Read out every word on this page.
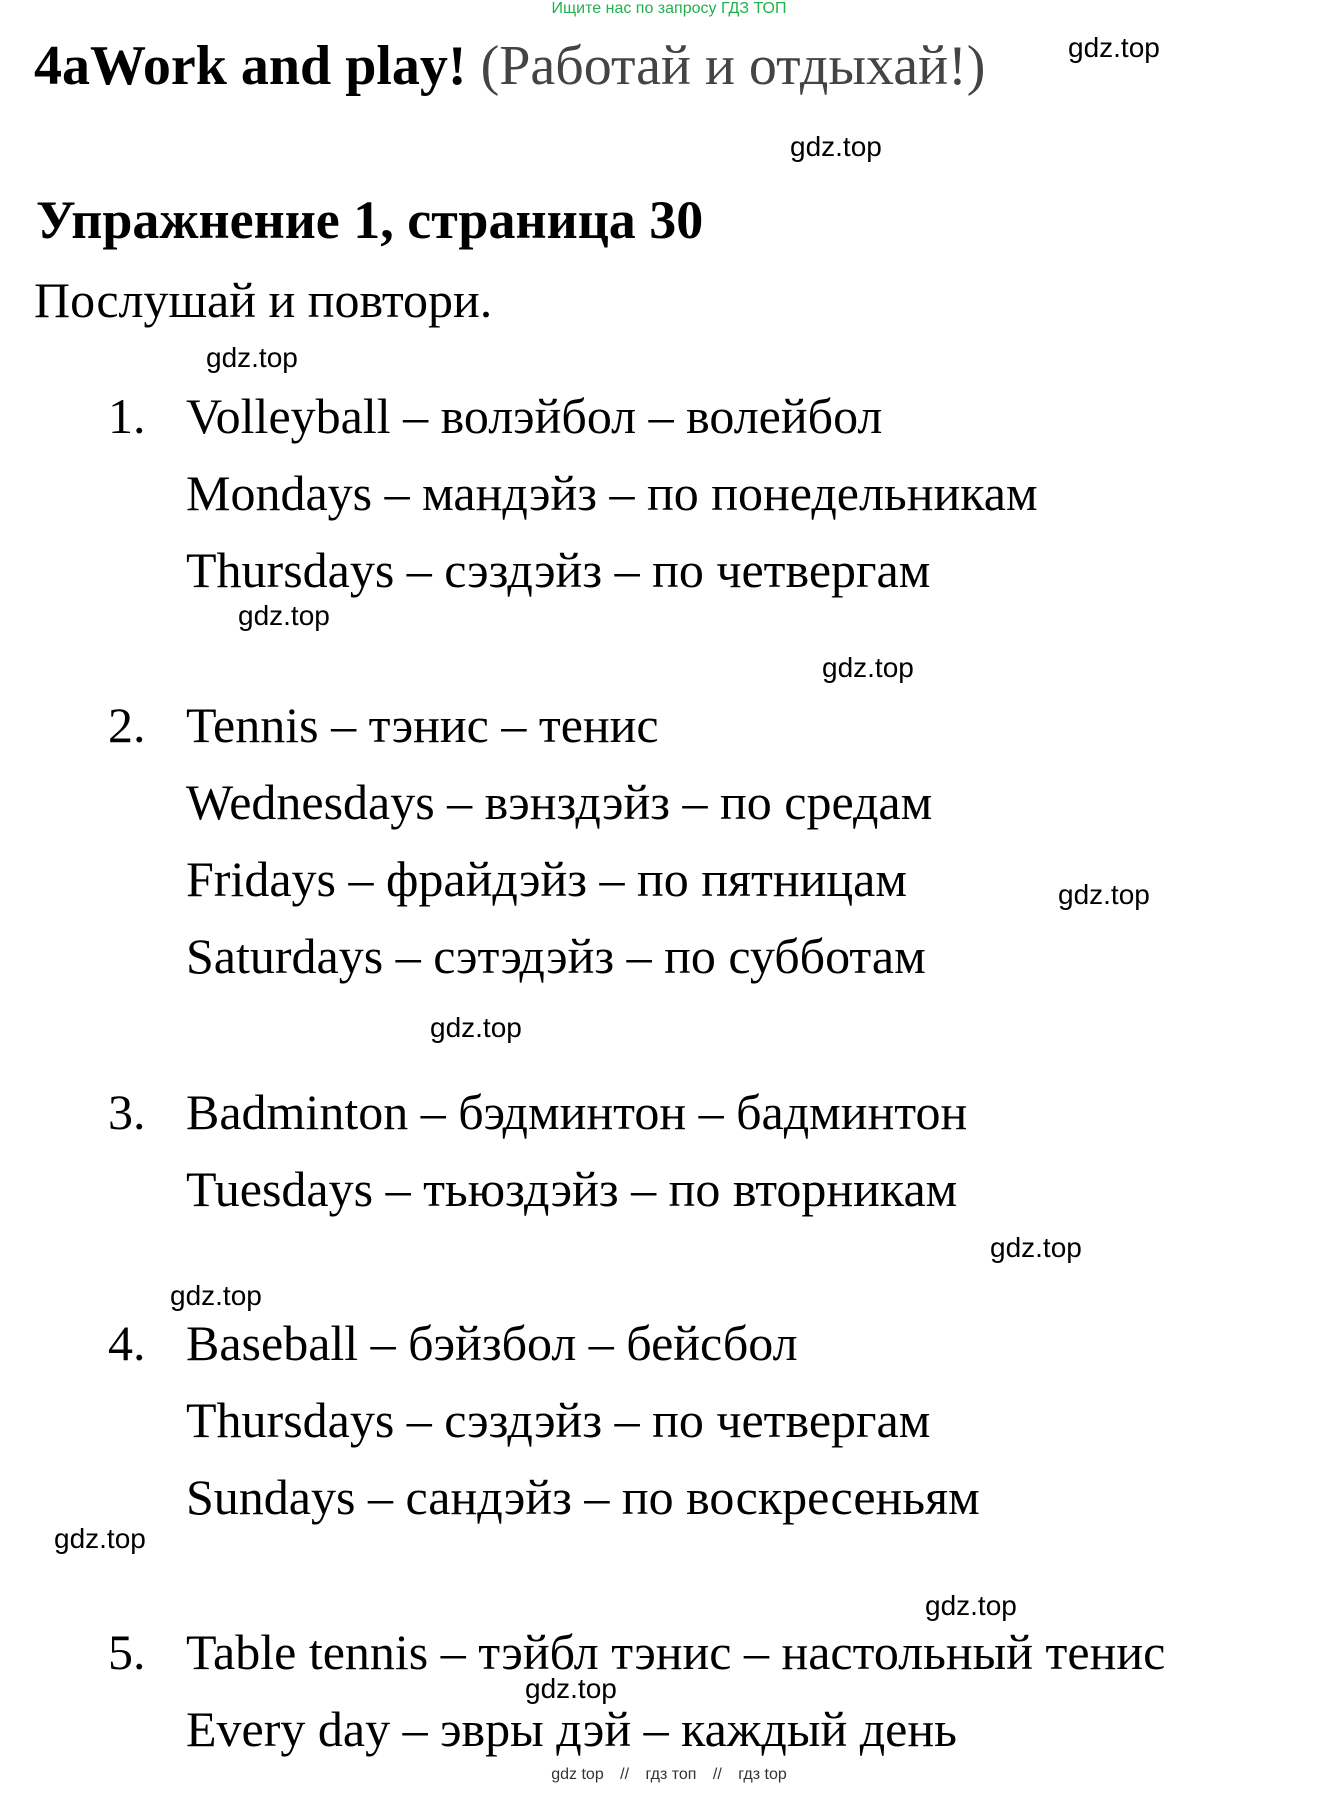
Ищите нас по запросу ГДЗ ТОП
4aWork and play! (Работай и отдыхай!)
Упражнение 1, страница 30
Послушай и повтори.
1. Volleyball – волэйбол – волейбол
Mondays – мандэйз – по понедельникам
Thursdays – сэздэйз – по четвергам
2. Tennis – тэнис – тенис
Wednesdays – вэнздэйз – по средам
Fridays – фрайдэйз – по пятницам
Saturdays – сэтэдэйз – по субботам
3. Badminton – бэдминтон – бадминтон
Tuesdays – тьюздэйз – по вторникам
4. Baseball – бэйзбол – бейсбол
Thursdays – сэздэйз – по четвергам
Sundays – сандэйз – по воскресеньям
5. Table tennis – тэйбл тэнис – настольный тенис
Every day – эвры дэй – каждый день
gdz.top
gdz.top
gdz.top
gdz.top
gdz.top
gdz.top
gdz.top
gdz.top
gdz.top
gdz.top
gdz.top
gdz.top
gdz top // гдз топ // гдз top
